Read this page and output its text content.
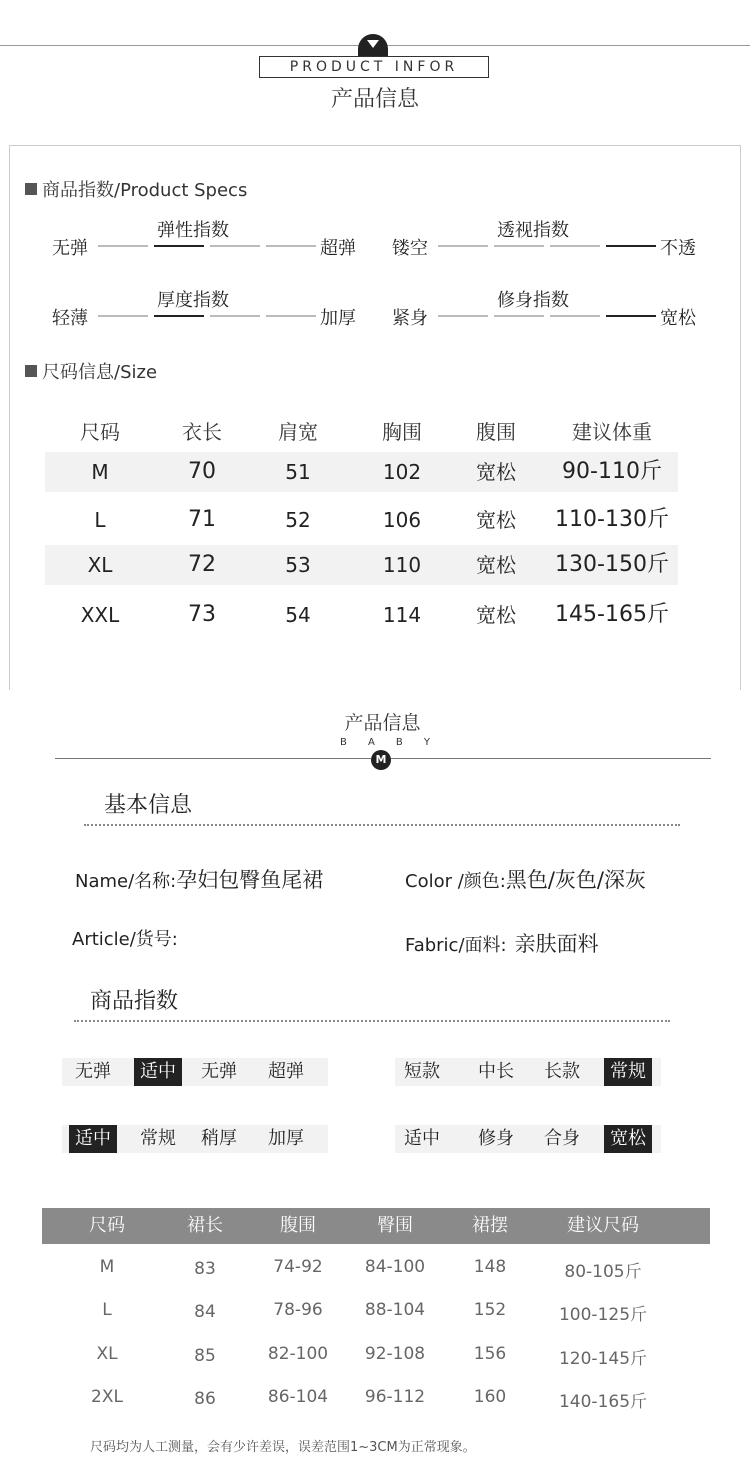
PRODUCT INFOR
产品信息
商品指数/Product Specs
无弹
弹性指数
超弹 镂空
透视指数
不透
轻薄
厚度指数
加厚 紧身
修身指数
宽松
尺码信息/Size
尺码	衣长	肩宽	胸围	腹围	建议体重
M	70	51	102	宽松	90-110斤
L	71	52	106	宽松	110-130斤
XL	72	53	110	宽松	130-150斤
XXL	73	54	114	宽松	145-165斤
产品信息
B A B Y
M
基本信息
Name/名称:孕妇包臀鱼尾裙	Color /颜色:黑色/灰色/深灰
Article/货号:	Fabric/面料: 亲肤面料
商品指数
无弹	适中	无弹	超弹	短款	中长	长款	常规
适中	常规	稍厚	加厚	适中	修身	合身	宽松
尺码	裙长	腹围	臀围	裙摆	建议尺码
M	83	74-92	84-100	148	80-105斤
L	84	78-96	88-104	152	100-125斤
XL	85	82-100	92-108	156	120-145斤
2XL	86	86-104	96-112	160	140-165斤
尺码均为人工测量，会有少许差误，误差范围1~3CM为正常现象。
